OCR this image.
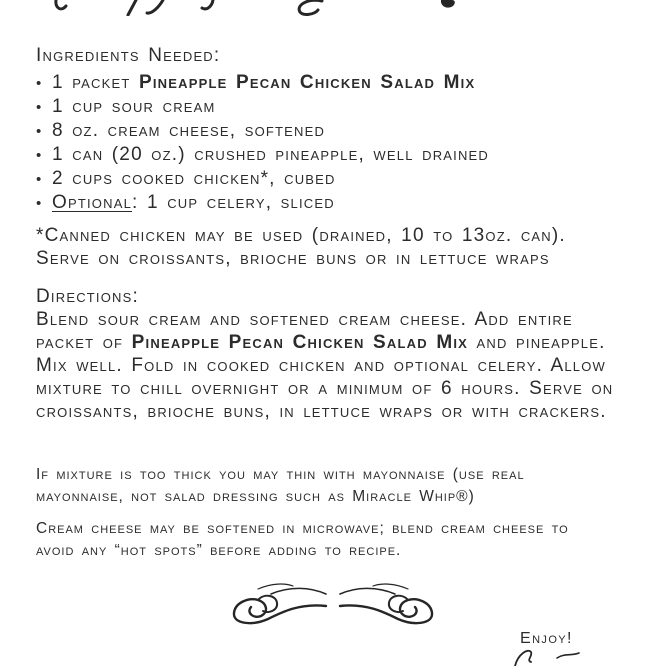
Ingredients Needed:
• 1 packet Pineapple Pecan Chicken Salad Mix
• 1 cup sour cream
• 8 oz. cream cheese, softened
• 1 can (20 oz.) crushed pineapple, well drained
• 2 cups cooked chicken*, cubed
• Optional: 1 cup celery, sliced
*Canned chicken may be used (drained, 10 to 13oz. can). Serve on croissants, brioche buns or in lettuce wraps
Directions:
Blend sour cream and softened cream cheese. Add entire packet of Pineapple Pecan Chicken Salad Mix and pineapple. Mix well. Fold in cooked chicken and optional celery. Allow mixture to chill overnight or a minimum of 6 hours. Serve on croissants, brioche buns, in lettuce wraps or with crackers.
If mixture is too thick you may thin with mayonnaise (use real mayonnaise, not salad dressing such as Miracle Whip®)
Cream cheese may be softened in microwave; blend cream cheese to avoid any “hot spots” before adding to recipe.
Enjoy!
